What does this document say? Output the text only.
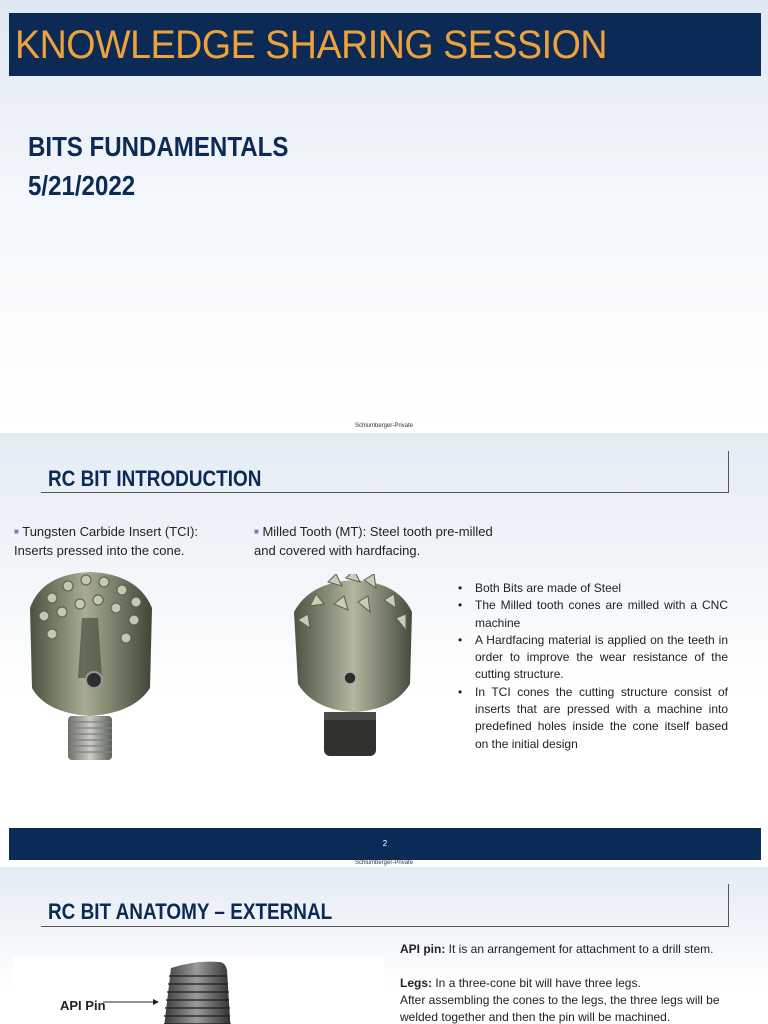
KNOWLEDGE SHARING SESSION
BITS FUNDAMENTALS
5/21/2022
Schlumberger-Private
RC BIT INTRODUCTION
■ Tungsten Carbide Insert (TCI):
Inserts pressed into the cone.
■ Milled Tooth (MT): Steel tooth pre-milled
and covered with hardfacing.
• Both Bits are made of Steel
• The Milled tooth cones are milled with a CNC machine
• A Hardfacing material is applied on the teeth in order to improve the wear resistance of the cutting structure.
• In TCI cones the cutting structure consist of inserts that are pressed with a machine into predefined holes inside the cone itself based on the initial design
2
Schlumberger-Private
RC BIT ANATOMY – EXTERNAL
API pin: It is an arrangement for attachment to a drill stem.
Legs: In a three-cone bit will have three legs.
After assembling the cones to the legs, the three legs will be welded together and then the pin will be machined.
API Pin
